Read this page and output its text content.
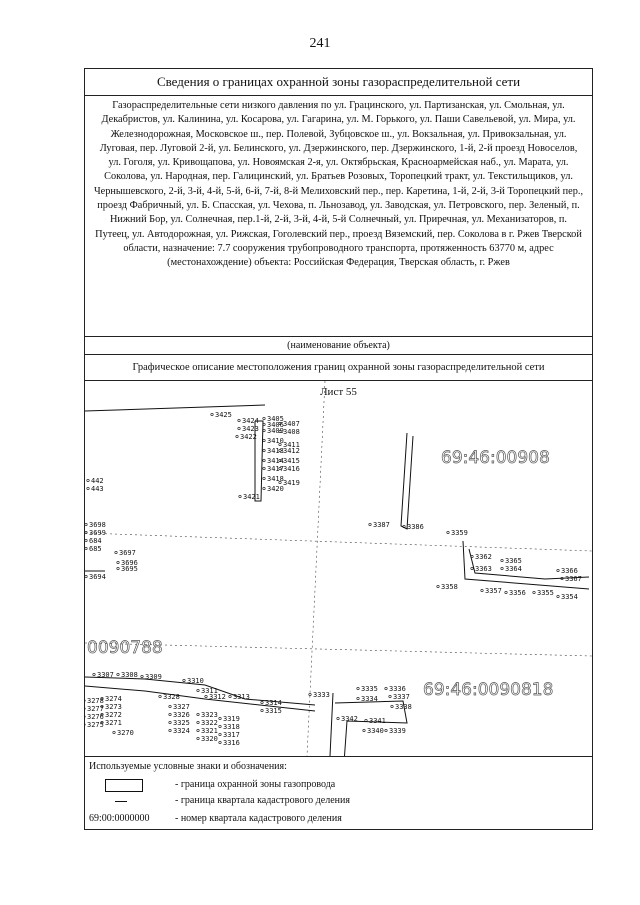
241
Сведения о границах охранной зоны газораспределительной сети
Газораспределительные сети низкого давления по ул. Грацинского, ул. Партизанская, ул. Смольная, ул. Декабристов, ул. Калинина, ул. Косарова, ул. Гагарина, ул. М. Горького, ул. Паши Савельевой, ул. Мира, ул. Железнодорожная, Московское ш., пер. Полевой, Зубцовское ш., ул. Вокзальная, ул. Привокзальная, ул. Луговая, пер. Луговой 2-й, ул. Белинского, ул. Дзержинского, пер. Дзержинского, 1-й, 2-й проезд Новоселов, ул. Гоголя, ул. Кривощапова, ул. Новоямская 2-я, ул. Октябрьская, Красноармейская наб., ул. Марата, ул. Соколова, ул. Народная, пер. Галицинский, ул. Братьев Розовых, Торопецкий тракт, ул. Текстильщиков, ул. Чернышевского, 2-й, 3-й, 4-й, 5-й, 6-й, 7-й, 8-й Мелиховский пер., пер. Каретина, 1-й, 2-й, 3-й Торопецкий пер., проезд Фабричный, ул. Б. Спасская, ул. Чехова, п. Льнозавод, ул. Заводская, ул. Петровского, пер. Зеленый, п. Нижний Бор, ул. Солнечная, пер.1-й, 2-й, 3-й, 4-й, 5-й Солнечный, ул. Приречная, ул. Механизаторов, п. Путеец, ул. Автодорожная, ул. Рижская, Гоголевский пер., проезд Вяземский, пер. Соколова в г. Ржев Тверской области, назначение: 7.7 сооружения трубопроводного транспорта, протяженность 63770 м, адрес (местонахождение) объекта: Российская Федерация, Тверская область, г. Ржев
(наименование объекта)
Графическое описание местоположения границ охранной зоны газораспределительной сети
Лист 55
69:46:00908
0090788
69:46:0090818
3425
3424
3423
3422
3405
3406 3407
3409 3408
3410 3411
3413 3412
3414 3415
3417 3416
3418 3419
3420
3421
3387 3386
442
443
3698
3699
684
685 3697
3696
3695
3694
3359
3362 3365
3363 3364	3366
3367
3358	3357 3356 3355 3354
3307 3308 3309	3310
3311
3312 3313
3314
3315
3278 3274
3277 3273
3276 3272
3275 3271
3270
3328
3327
3326
3325
3324
3323
3322
3321
3320
3319
3318
3317
3316
3333
3335 3336
3334 3337
3338
3342 3341
3340 3339
Используемые условные знаки и обозначения:
- граница охранной зоны газопровода
- граница квартала кадастрового деления
69:00:0000000	- номер квартала кадастрового деления
